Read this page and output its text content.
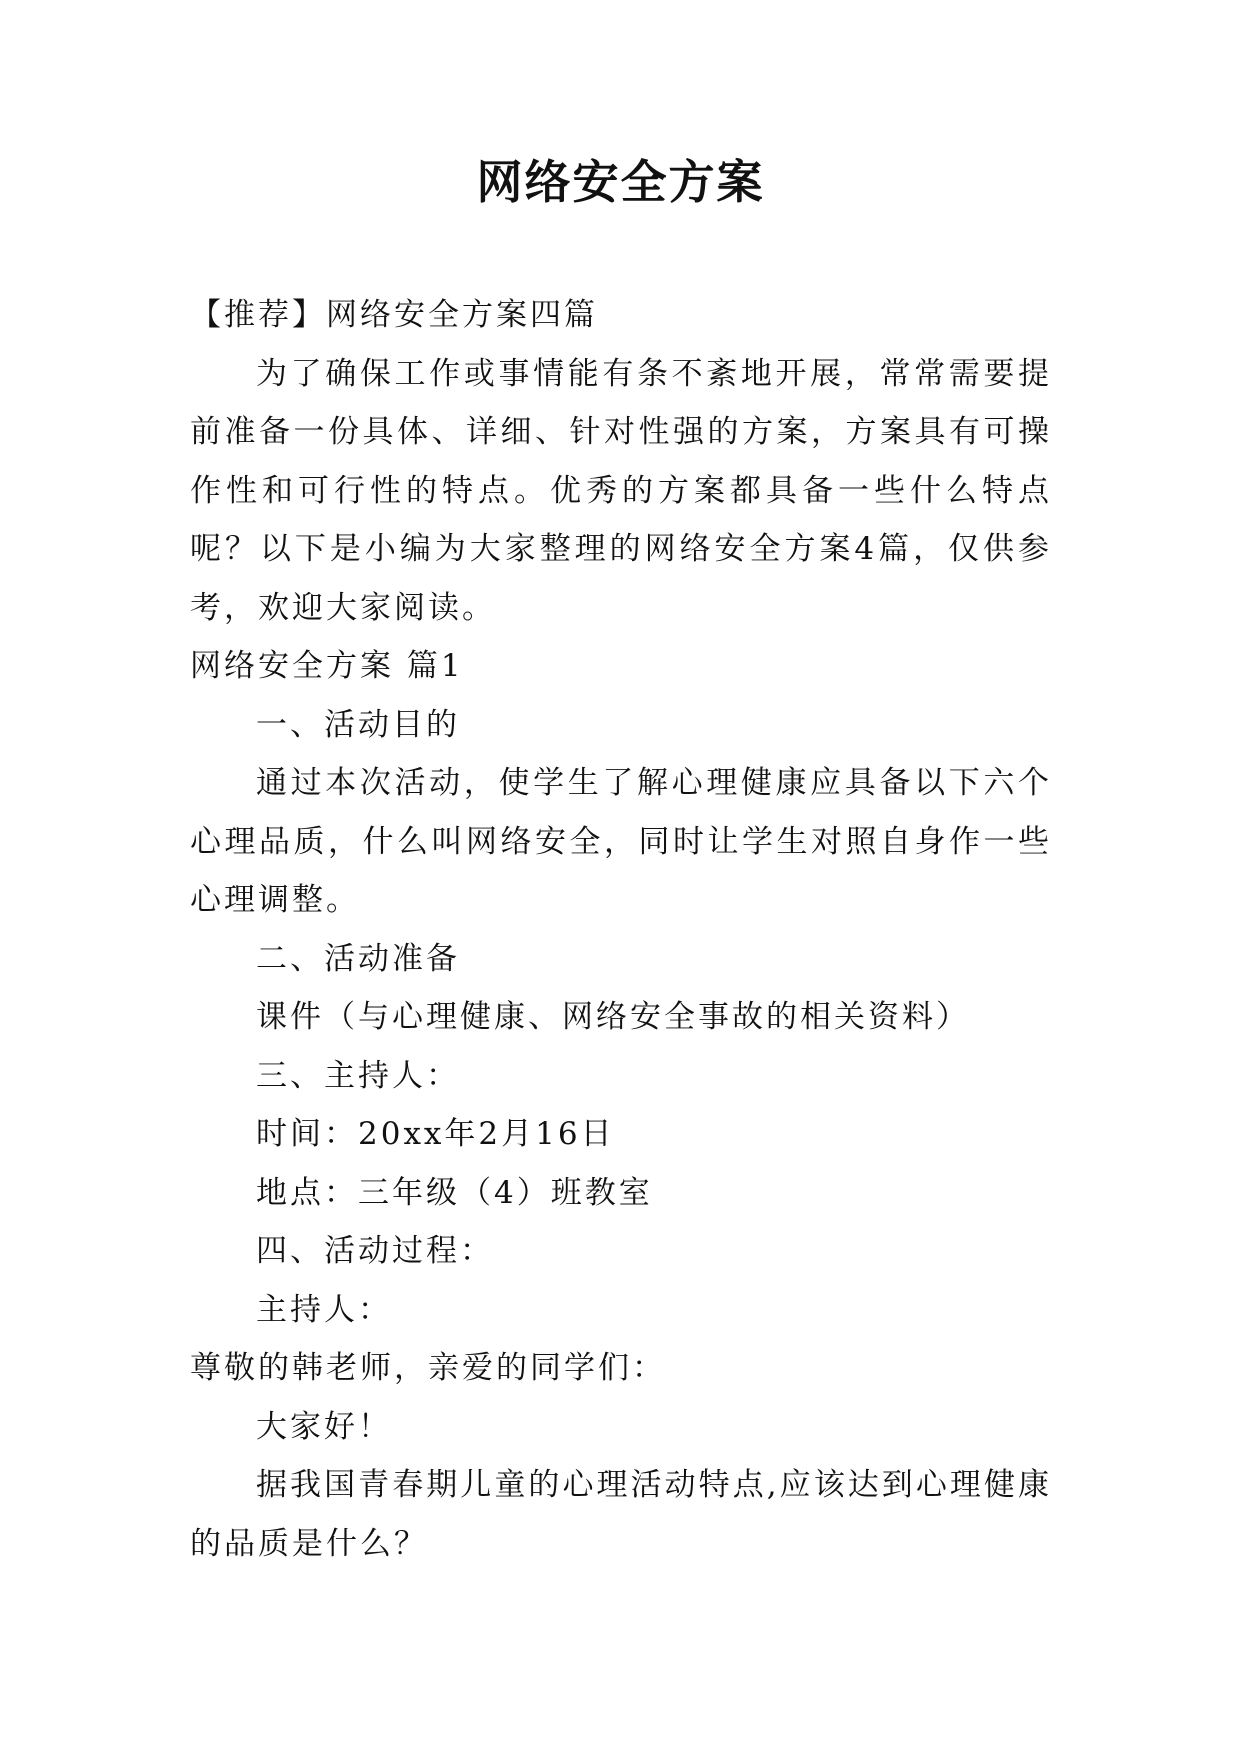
网络安全方案

【推荐】网络安全方案四篇

为了确保工作或事情能有条不紊地开展，常常需要提前准备一份具体、详细、针对性强的方案，方案具有可操作性和可行性的特点。优秀的方案都具备一些什么特点呢？以下是小编为大家整理的网络安全方案4篇，仅供参考，欢迎大家阅读。

网络安全方案 篇1

一、活动目的

通过本次活动，使学生了解心理健康应具备以下六个心理品质，什么叫网络安全，同时让学生对照自身作一些心理调整。

二、活动准备

课件（与心理健康、网络安全事故的相关资料）

三、主持人：

时间：20xx年2月16日

地点：三年级（4）班教室

四、活动过程：

主持人：

尊敬的韩老师，亲爱的同学们：

大家好！

据我国青春期儿童的心理活动特点,应该达到心理健康的品质是什么？
